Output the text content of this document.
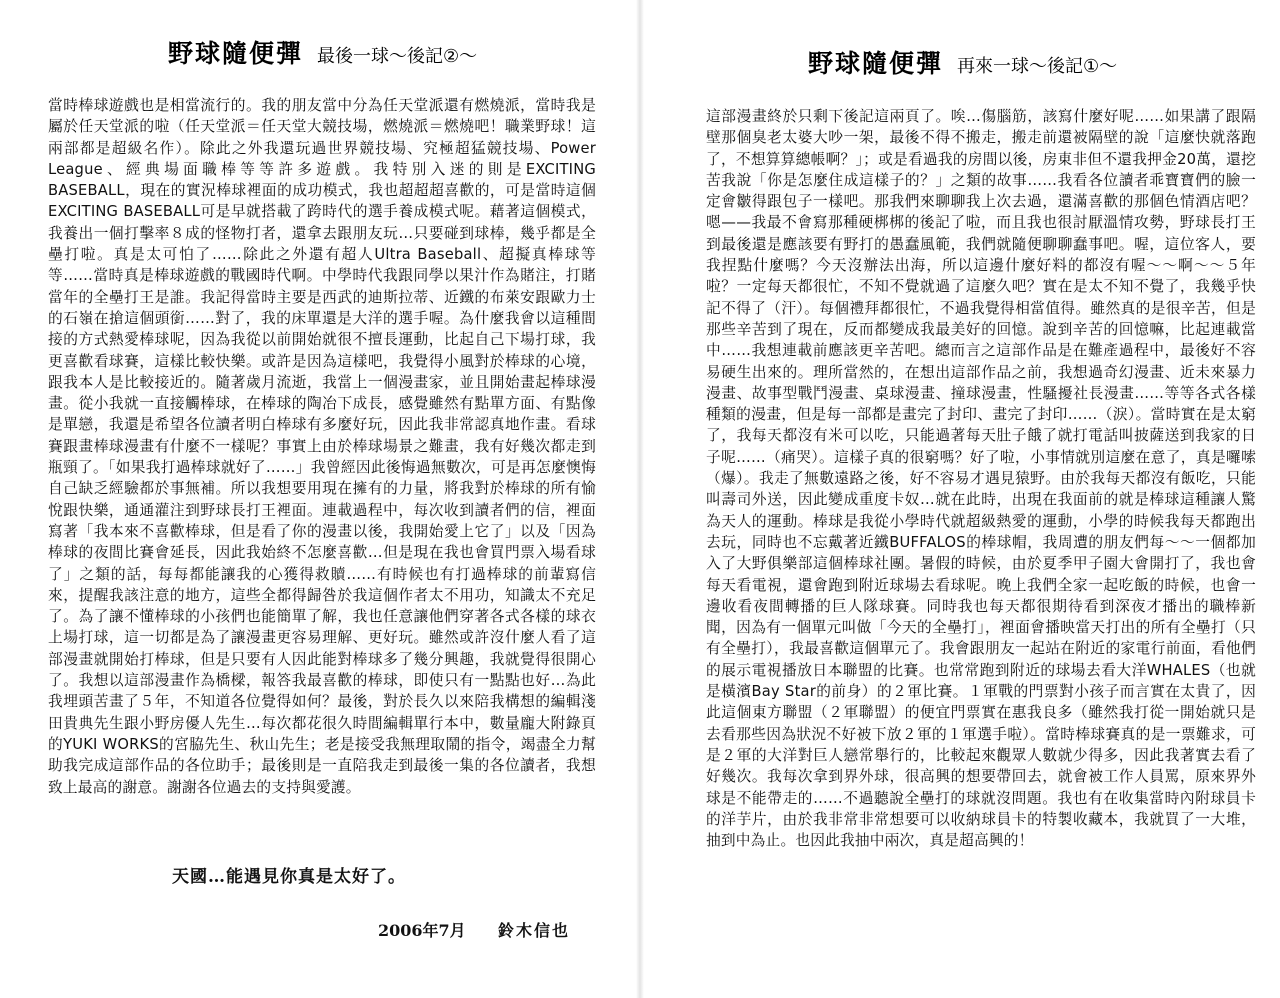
野球隨便彈 最後一球～後記②～

當時棒球遊戲也是相當流行的。我的朋友當中分為任天堂派還有燃燒派，當時我是屬於任天堂派的啦（任天堂派＝任天堂大競技場，燃燒派＝燃燒吧！職業野球！這兩部都是超級名作）。除此之外我還玩過世界競技場、究極超猛競技場、Power League、經典場面職棒等等許多遊戲。我特別入迷的則是EXCITING BASEBALL，現在的實況棒球裡面的成功模式，我也超超超喜歡的，可是當時這個EXCITING BASEBALL可是早就搭載了跨時代的選手養成模式呢。藉著這個模式，我養出一個打擊率８成的怪物打者，還拿去跟朋友玩…只要碰到球棒，幾乎都是全壘打啦。真是太可怕了……除此之外還有超人Ultra Baseball、超擬真棒球等等……當時真是棒球遊戲的戰國時代啊。中學時代我跟同學以果汁作為賭注，打賭當年的全壘打王是誰。我記得當時主要是西武的迪斯拉蒂、近鐵的布萊安跟歐力士的石嶺在搶這個頭銜……對了，我的床單還是大洋的選手喔。為什麼我會以這種間接的方式熱愛棒球呢，因為我從以前開始就很不擅長運動，比起自己下場打球，我更喜歡看球賽，這樣比較快樂。或許是因為這樣吧，我覺得小風對於棒球的心境，跟我本人是比較接近的。隨著歲月流逝，我當上一個漫畫家，並且開始畫起棒球漫畫。從小我就一直接觸棒球，在棒球的陶冶下成長，感覺雖然有點單方面、有點像是單戀，我還是希望各位讀者明白棒球有多麼好玩，因此我非常認真地作畫。看球賽跟畫棒球漫畫有什麼不一樣呢？事實上由於棒球場景之難畫，我有好幾次都走到瓶頸了。「如果我打過棒球就好了……」我曾經因此後悔過無數次，可是再怎麼懊悔自己缺乏經驗都於事無補。所以我想要用現在擁有的力量，將我對於棒球的所有愉悅跟快樂，通通灌注到野球長打王裡面。連載過程中，每次收到讀者們的信，裡面寫著「我本來不喜歡棒球，但是看了你的漫畫以後，我開始愛上它了」以及「因為棒球的夜間比賽會延長，因此我始終不怎麼喜歡…但是現在我也會買門票入場看球了」之類的話，每每都能讓我的心獲得救贖……有時候也有打過棒球的前輩寫信來，提醒我該注意的地方，這些全都得歸咎於我這個作者太不用功，知識太不充足了。為了讓不懂棒球的小孩們也能簡單了解，我也任意讓他們穿著各式各樣的球衣上場打球，這一切都是為了讓漫畫更容易理解、更好玩。雖然或許沒什麼人看了這部漫畫就開始打棒球，但是只要有人因此能對棒球多了幾分興趣，我就覺得很開心了。我想以這部漫畫作為橋樑，報答我最喜歡的棒球，即使只有一點點也好…為此我埋頭苦畫了５年，不知道各位覺得如何？最後，對於長久以來陪我構想的編輯淺田貴典先生跟小野房優人先生…每次都花很久時間編輯單行本中，數量龐大附錄頁的YUKI WORKS的宮脇先生、秋山先生；老是接受我無理取鬧的指令，竭盡全力幫助我完成這部作品的各位助手；最後則是一直陪我走到最後一集的各位讀者，我想致上最高的謝意。謝謝各位過去的支持與愛護。

天國…能遇見你真是太好了。
2006年7月 鈴木信也
野球隨便彈 再來一球～後記①～

這部漫畫終於只剩下後記這兩頁了。唉…傷腦筋，該寫什麼好呢……如果講了跟隔壁那個臭老太婆大吵一架，最後不得不搬走，搬走前還被隔壁的說「這麼快就落跑了，不想算算總帳啊？」；或是看過我的房間以後，房東非但不還我押金20萬，還挖苦我說「你是怎麼住成這樣子的？」之類的故事……我看各位讀者乖寶寶們的臉一定會皺得跟包子一樣吧。那我們來聊聊我上次去過，還滿喜歡的那個色情酒店吧？嗯——我最不會寫那種硬梆梆的後記了啦，而且我也很討厭溫情攻勢，野球長打王到最後還是應該要有野打的愚蠢風範，我們就隨便聊聊蠢事吧。喔，這位客人，要我捏點什麼嗎？今天沒辦法出海，所以這邊什麼好料的都沒有喔～～啊～～５年啦？一定每天都很忙，不知不覺就過了這麼久吧？實在是太不知不覺了，我幾乎快記不得了（汗）。每個禮拜都很忙，不過我覺得相當值得。雖然真的是很辛苦，但是那些辛苦到了現在，反而都變成我最美好的回憶。說到辛苦的回憶嘛，比起連載當中……我想連載前應該更辛苦吧。總而言之這部作品是在難產過程中，最後好不容易硬生出來的。理所當然的，在想出這部作品之前，我想過奇幻漫畫、近未來暴力漫畫、故事型戰鬥漫畫、桌球漫畫、撞球漫畫，性騷擾社長漫畫……等等各式各樣種類的漫畫，但是每一部都是畫完了封印、畫完了封印……（淚）。當時實在是太窮了，我每天都沒有米可以吃，只能過著每天肚子餓了就打電話叫披薩送到我家的日子呢……（痛哭）。這樣子真的很窮嗎？好了啦，小事情就別這麼在意了，真是囉嗦（爆）。我走了無數遠路之後，好不容易才遇見猿野。由於我每天都沒有飯吃，只能叫壽司外送，因此變成重度卡奴…就在此時，出現在我面前的就是棒球這種讓人驚為天人的運動。棒球是我從小學時代就超級熱愛的運動，小學的時候我每天都跑出去玩，同時也不忘戴著近鐵BUFFALOS的棒球帽，我周遭的朋友們每～～一個都加入了大野俱樂部這個棒球社團。暑假的時候，由於夏季甲子園大會開打了，我也會每天看電視，還會跑到附近球場去看球呢。晚上我們全家一起吃飯的時候，也會一邊收看夜間轉播的巨人隊球賽。同時我也每天都很期待看到深夜才播出的職棒新聞，因為有一個單元叫做「今天的全壘打」，裡面會播映當天打出的所有全壘打（只有全壘打），我最喜歡這個單元了。我會跟朋友一起站在附近的家電行前面，看他們的展示電視播放日本聯盟的比賽。也常常跑到附近的球場去看大洋WHALES（也就是橫濱Bay Star的前身）的２軍比賽。１軍戰的門票對小孩子而言實在太貴了，因此這個東方聯盟（２軍聯盟）的便宜門票實在惠我良多（雖然我打從一開始就只是去看那些因為狀況不好被下放２軍的１軍選手啦）。當時棒球賽真的是一票難求，可是２軍的大洋對巨人戀常舉行的，比較起來觀眾人數就少得多，因此我著實去看了好幾次。我每次拿到界外球，很高興的想要帶回去，就會被工作人員罵，原來界外球是不能帶走的……不過聽說全壘打的球就沒問題。我也有在收集當時內附球員卡的洋芋片，由於我非常非常想要可以收納球員卡的特製收藏本，我就買了一大堆，抽到中為止。也因此我抽中兩次，真是超高興的！
